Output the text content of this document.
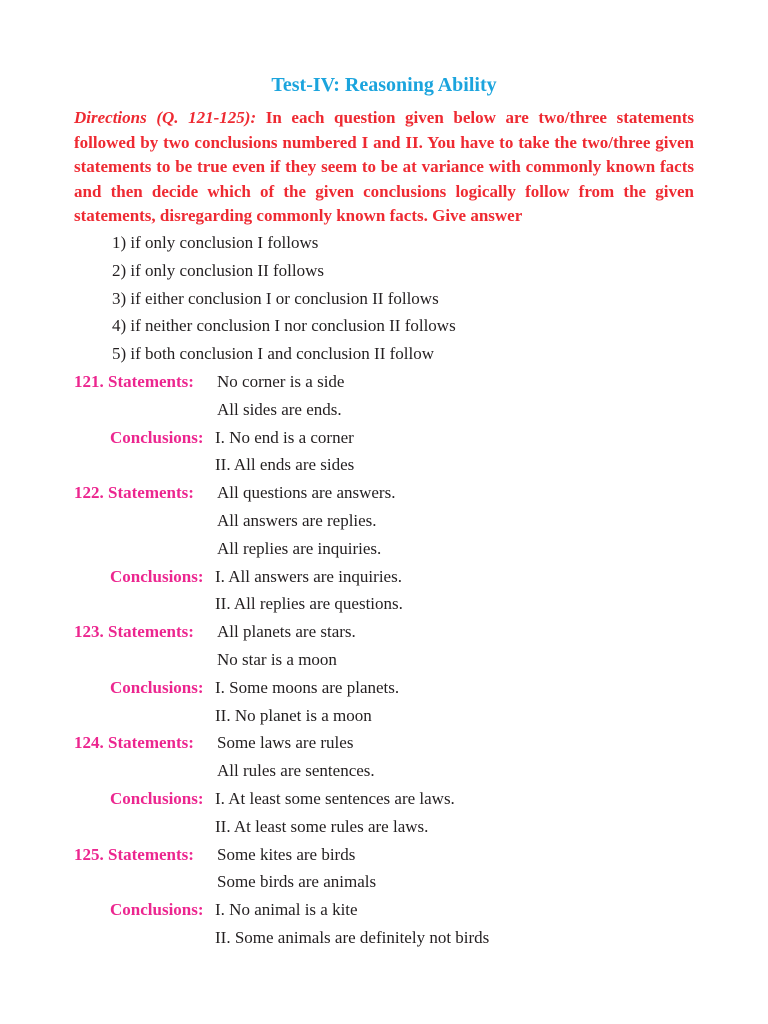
Test-IV: Reasoning Ability
Directions (Q. 121-125): In each question given below are two/three statements followed by two conclusions numbered I and II. You have to take the two/three given statements to be true even if they seem to be at variance with commonly known facts and then decide which of the given conclusions logically follow from the given statements, disregarding commonly known facts. Give answer
1) if only conclusion I follows
2) if only conclusion II follows
3) if either conclusion I or conclusion II follows
4) if neither conclusion I nor conclusion II follows
5) if both conclusion I and conclusion II follow
121. Statements: No corner is a side
All sides are ends.
Conclusions: I. No end is a corner
II. All ends are sides
122. Statements: All questions are answers.
All answers are replies.
All replies are inquiries.
Conclusions: I. All answers are inquiries.
II. All replies are questions.
123. Statements: All planets are stars.
No star is a moon
Conclusions: I. Some moons are planets.
II. No planet is a moon
124. Statements: Some laws are rules
All rules are sentences.
Conclusions: I. At least some sentences are laws.
II. At least some rules are laws.
125. Statements: Some kites are birds
Some birds are animals
Conclusions: I. No animal is a kite
II. Some animals are definitely not birds
